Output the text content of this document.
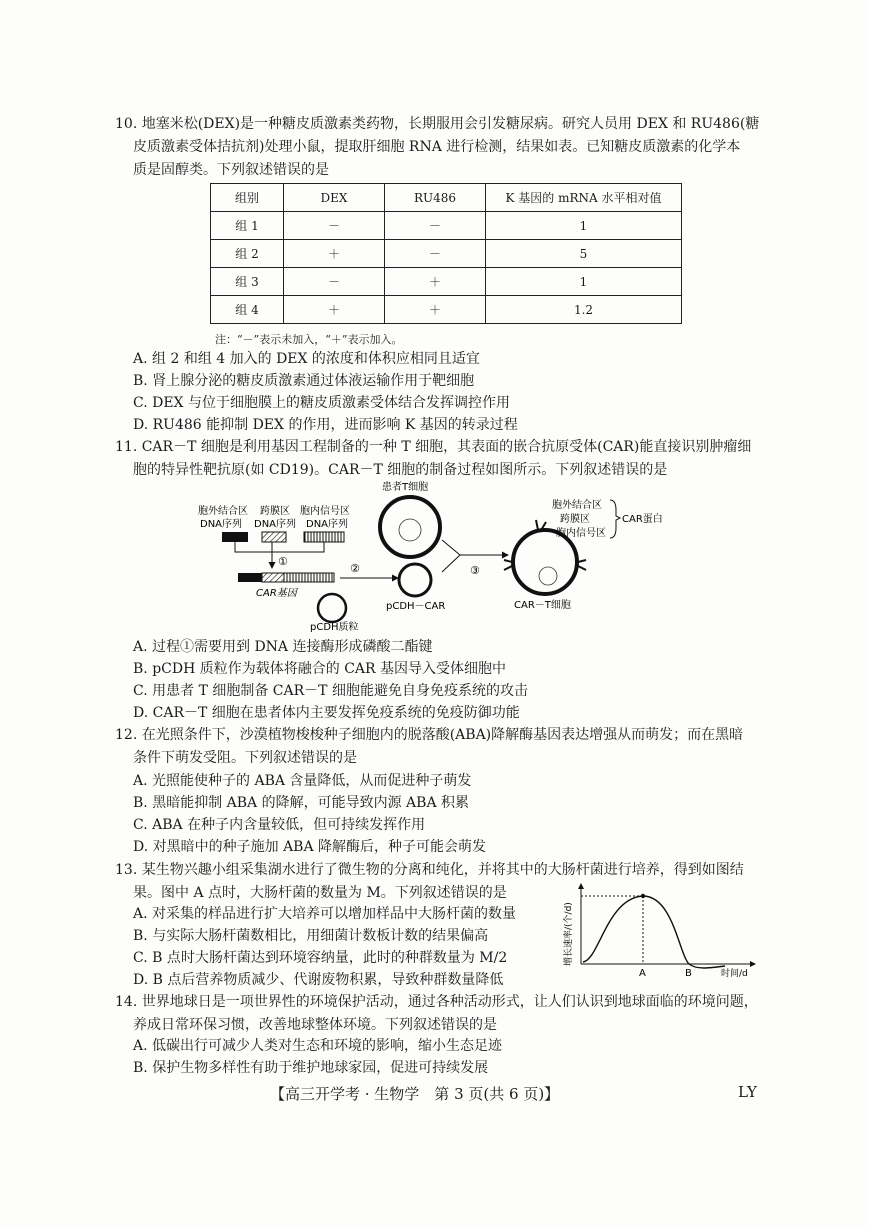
10. 地塞米松(DEX)是一种糖皮质激素类药物，长期服用会引发糖尿病。研究人员用 DEX 和 RU486(糖
皮质激素受体拮抗剂)处理小鼠，提取肝细胞 RNA 进行检测，结果如表。已知糖皮质激素的化学本
质是固醇类。下列叙述错误的是
组别	DEX	RU486	K 基因的 mRNA 水平相对值
组 1	－	－	1
组 2	＋	－	5
组 3	－	＋	1
组 4	＋	＋	1.2
注：“－”表示未加入，“＋”表示加入。
A. 组 2 和组 4 加入的 DEX 的浓度和体积应相同且适宜
B. 肾上腺分泌的糖皮质激素通过体液运输作用于靶细胞
C. DEX 与位于细胞膜上的糖皮质激素受体结合发挥调控作用
D. RU486 能抑制 DEX 的作用，进而影响 K 基因的转录过程
11. CAR－T 细胞是利用基因工程制备的一种 T 细胞，其表面的嵌合抗原受体(CAR)能直接识别肿瘤细
胞的特异性靶抗原(如 CD19)。CAR－T 细胞的制备过程如图所示。下列叙述错误的是
胞外结合区
DNA序列
跨膜区
DNA序列
胞内信号区
DNA序列
①
CAR基因
②
pCDH质粒
患者T细胞
pCDH－CAR
③
胞外结合区
跨膜区
胞内信号区
CAR蛋白
CAR－T细胞
A. 过程①需要用到 DNA 连接酶形成磷酸二酯键
B. pCDH 质粒作为载体将融合的 CAR 基因导入受体细胞中
C. 用患者 T 细胞制备 CAR－T 细胞能避免自身免疫系统的攻击
D. CAR－T 细胞在患者体内主要发挥免疫系统的免疫防御功能
12. 在光照条件下，沙漠植物梭梭种子细胞内的脱落酸(ABA)降解酶基因表达增强从而萌发；而在黑暗
条件下萌发受阻。下列叙述错误的是
A. 光照能使种子的 ABA 含量降低，从而促进种子萌发
B. 黑暗能抑制 ABA 的降解，可能导致内源 ABA 积累
C. ABA 在种子内含量较低，但可持续发挥作用
D. 对黑暗中的种子施加 ABA 降解酶后，种子可能会萌发
13. 某生物兴趣小组采集湖水进行了微生物的分离和纯化，并将其中的大肠杆菌进行培养，得到如图结
果。图中 A 点时，大肠杆菌的数量为 M。下列叙述错误的是
A. 对采集的样品进行扩大培养可以增加样品中大肠杆菌的数量
B. 与实际大肠杆菌数相比，用细菌计数板计数的结果偏高
C. B 点时大肠杆菌达到环境容纳量，此时的种群数量为 M/2
D. B 点后营养物质减少、代谢废物积累，导致种群数量降低
增长速率/(个/d)
A	B	时间/d
14. 世界地球日是一项世界性的环境保护活动，通过各种活动形式，让人们认识到地球面临的环境问题，
养成日常环保习惯，改善地球整体环境。下列叙述错误的是
A. 低碳出行可减少人类对生态和环境的影响，缩小生态足迹
B. 保护生物多样性有助于维护地球家园，促进可持续发展
【高三开学考 · 生物学　第 3 页(共 6 页)】	LY
